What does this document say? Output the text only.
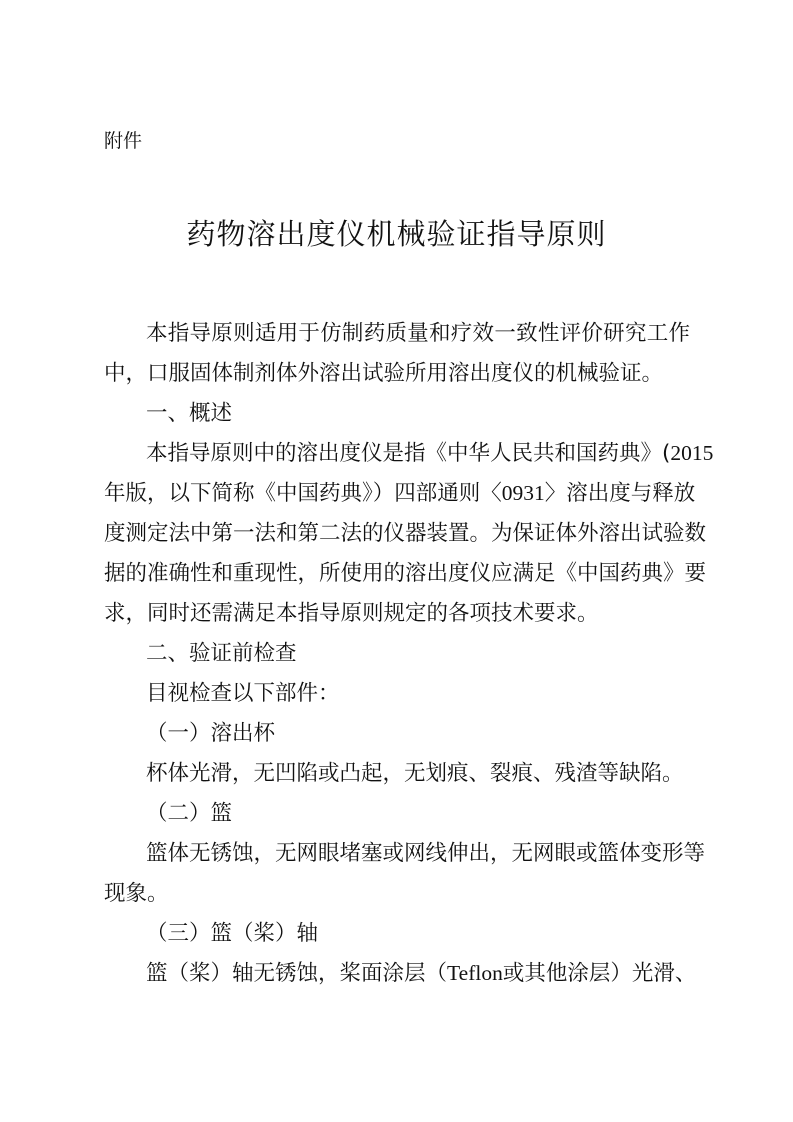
附件
药物溶出度仪机械验证指导原则
本指导原则适用于仿制药质量和疗效一致性评价研究工作
中，口服固体制剂体外溶出试验所用溶出度仪的机械验证。
一、概述
本指导原则中的溶出度仪是指《中华人民共和国药典》(2015
年版，以下简称《中国药典》）四部通则〈0931〉溶出度与释放
度测定法中第一法和第二法的仪器装置。为保证体外溶出试验数
据的准确性和重现性，所使用的溶出度仪应满足《中国药典》要
求，同时还需满足本指导原则规定的各项技术要求。
二、验证前检查
目视检查以下部件：
（一）溶出杯
杯体光滑，无凹陷或凸起，无划痕、裂痕、残渣等缺陷。
（二）篮
篮体无锈蚀，无网眼堵塞或网线伸出，无网眼或篮体变形等
现象。
（三）篮（桨）轴
篮（桨）轴无锈蚀，桨面涂层（Teflon或其他涂层）光滑、
